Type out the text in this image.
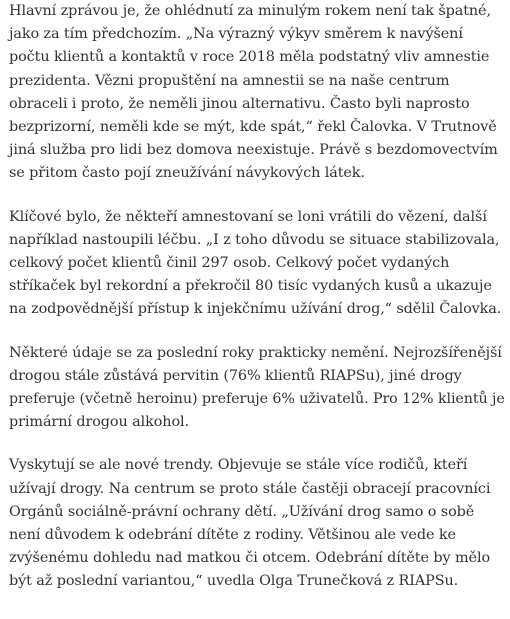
Hlavní zprávou je, že ohlédnutí za minulým rokem není tak špatné,
jako za tím předchozím. „Na výrazný výkyv směrem k navýšení
počtu klientů a kontaktů v roce 2018 měla podstatný vliv amnestie
prezidenta. Vězni propuštění na amnestii se na naše centrum
obraceli i proto, že neměli jinou alternativu. Často byli naprosto
bezprizorní, neměli kde se mýt, kde spát,“ řekl Čalovka. V Trutnově
jiná služba pro lidi bez domova neexistuje. Právě s bezdomovectvím
se přitom často pojí zneužívání návykových látek.

Klíčové bylo, že někteří amnestovaní se loni vrátili do vězení, další
například nastoupili léčbu. „I z toho důvodu se situace stabilizovala,
celkový počet klientů činil 297 osob. Celkový počet vydaných
stříkaček byl rekordní a překročil 80 tisíc vydaných kusů a ukazuje
na zodpovědnější přístup k injekčnímu užívání drog,“ sdělil Čalovka.

Některé údaje se za poslední roky prakticky nemění. Nejrozšířenější
drogou stále zůstává pervitin (76% klientů RIAPSu), jiné drogy
preferuje (včetně heroinu) preferuje 6% uživatelů. Pro 12% klientů je
primární drogou alkohol.

Vyskytují se ale nové trendy. Objevuje se stále více rodičů, kteří
užívají drogy. Na centrum se proto stále častěji obracejí pracovníci
Orgánů sociálně-právní ochrany dětí. „Užívání drog samo o sobě
není důvodem k odebrání dítěte z rodiny. Většinou ale vede ke
zvýšenému dohledu nad matkou či otcem. Odebrání dítěte by mělo
být až poslední variantou,“ uvedla Olga Trunečková z RIAPSu.
